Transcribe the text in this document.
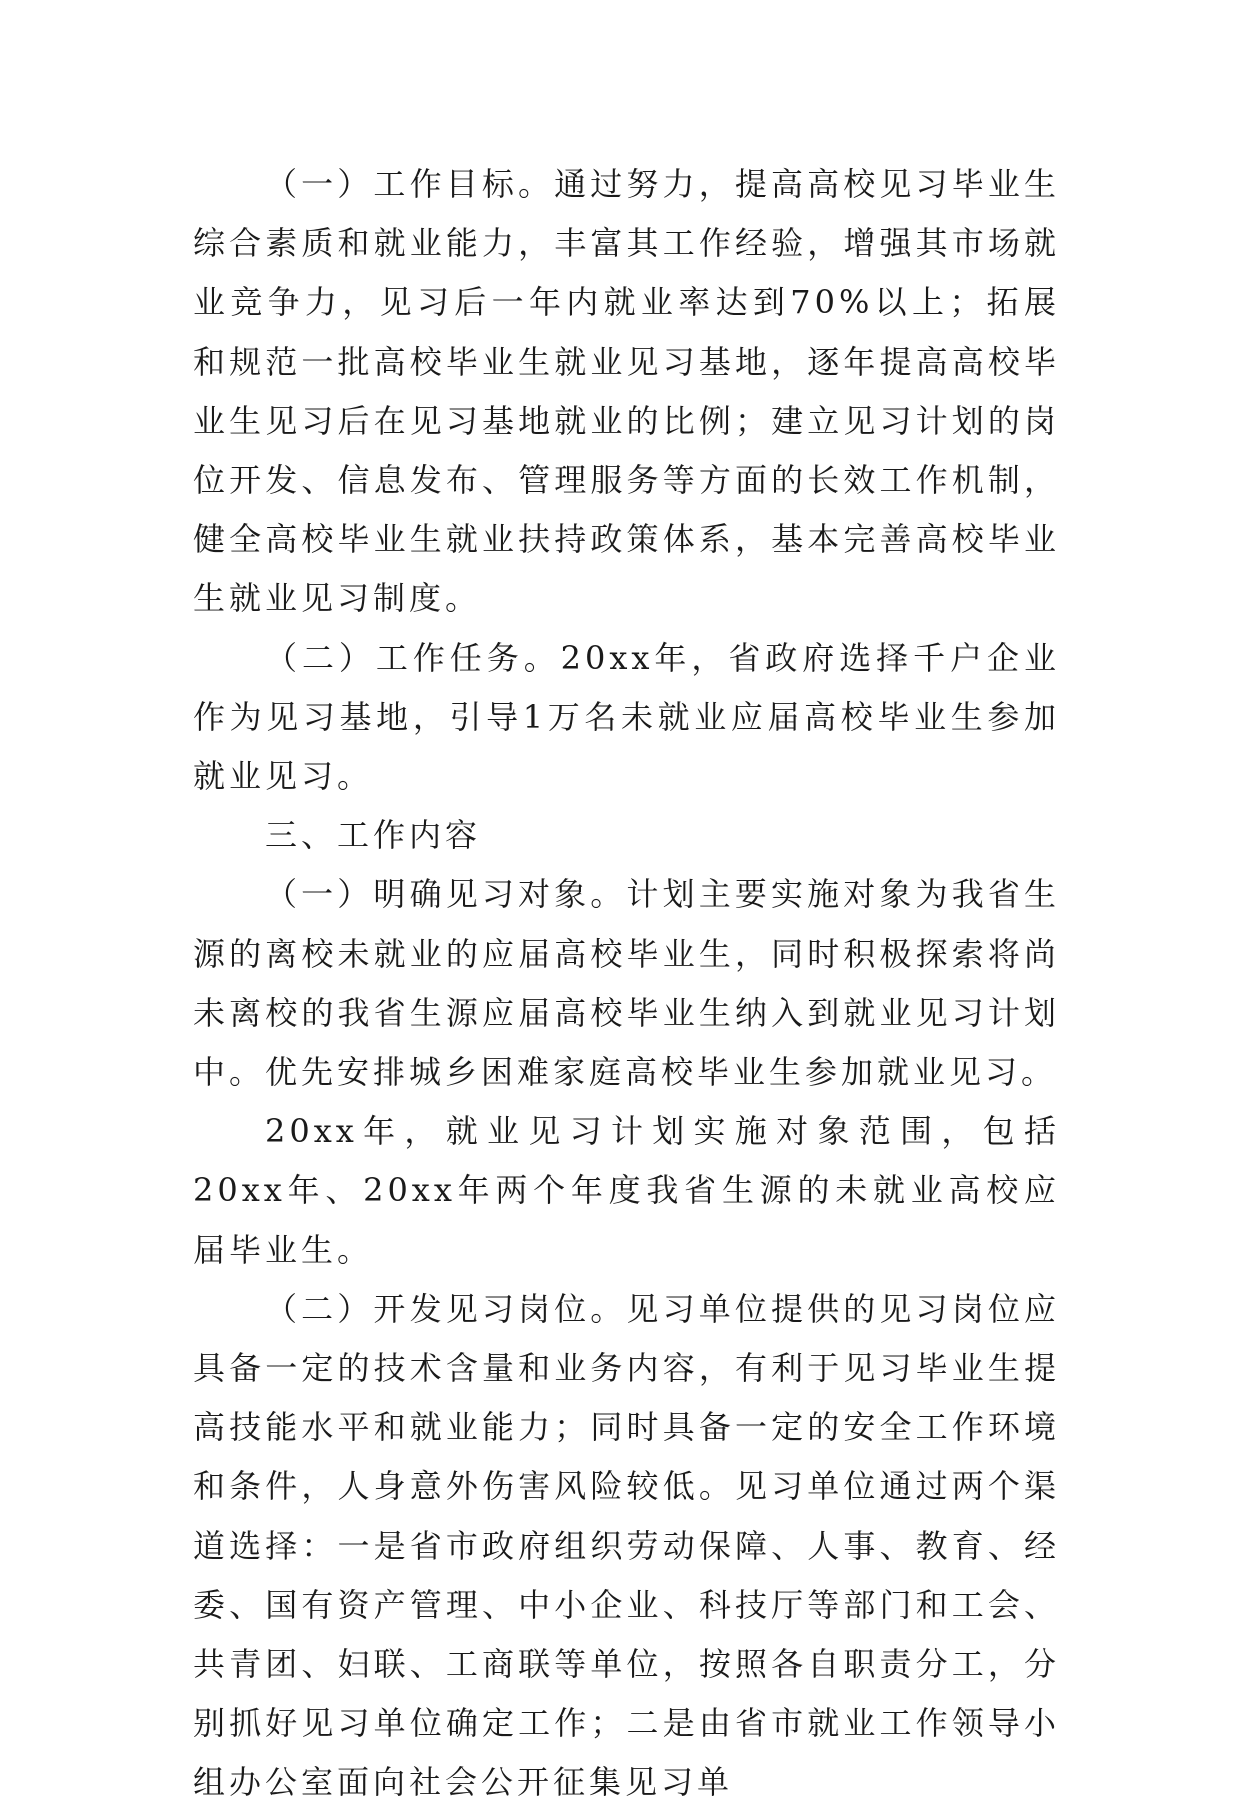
（一）工作目标。通过努力，提高高校见习毕业生综合素质和就业能力，丰富其工作经验，增强其市场就业竞争力，见习后一年内就业率达到70%以上；拓展和规范一批高校毕业生就业见习基地，逐年提高高校毕业生见习后在见习基地就业的比例；建立见习计划的岗位开发、信息发布、管理服务等方面的长效工作机制，健全高校毕业生就业扶持政策体系，基本完善高校毕业生就业见习制度。

（二）工作任务。20xx年，省政府选择千户企业作为见习基地，引导1万名未就业应届高校毕业生参加就业见习。

三、工作内容

（一）明确见习对象。计划主要实施对象为我省生源的离校未就业的应届高校毕业生，同时积极探索将尚未离校的我省生源应届高校毕业生纳入到就业见习计划中。优先安排城乡困难家庭高校毕业生参加就业见习。

20xx年，就业见习计划实施对象范围，包括20xx年、20xx年两个年度我省生源的未就业高校应届毕业生。

（二）开发见习岗位。见习单位提供的见习岗位应具备一定的技术含量和业务内容，有利于见习毕业生提高技能水平和就业能力；同时具备一定的安全工作环境和条件，人身意外伤害风险较低。见习单位通过两个渠道选择：一是省市政府组织劳动保障、人事、教育、经委、国有资产管理、中小企业、科技厅等部门和工会、共青团、妇联、工商联等单位，按照各自职责分工，分别抓好见习单位确定工作；二是由省市就业工作领导小组办公室面向社会公开征集见习单
